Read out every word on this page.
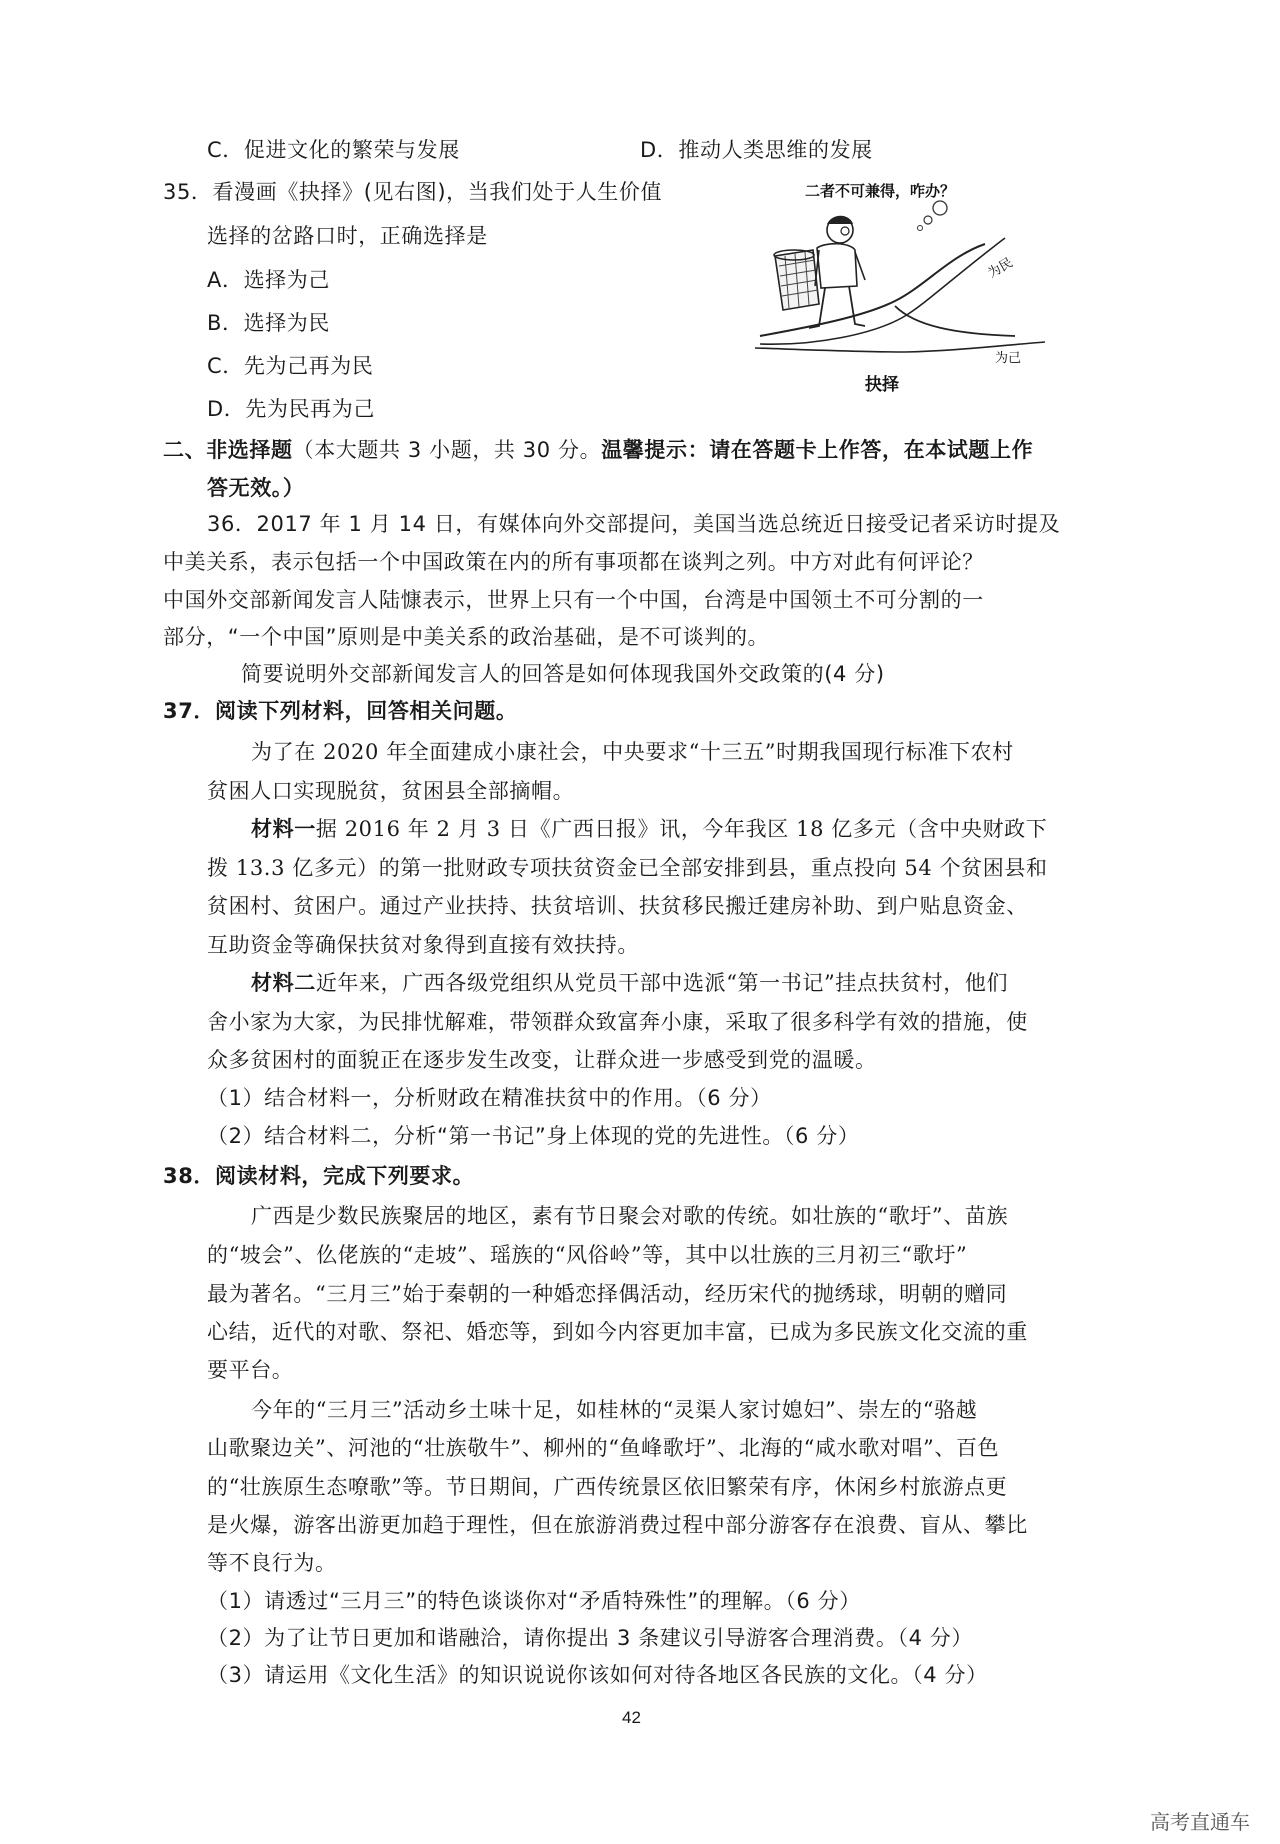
C．促进文化的繁荣与发展	D．推动人类思维的发展
35．看漫画《抉择》(见右图)，当我们处于人生价值
选择的岔路口时，正确选择是
A．选择为己
B．选择为民
C．先为己再为民
D．先为民再为己
二者不可兼得，咋办？
为民
为己
抉择
二、非选择题（本大题共 3 小题，共 30 分。温馨提示：请在答题卡上作答，在本试题上作
答无效。）
36．2017 年 1 月 14 日，有媒体向外交部提问，美国当选总统近日接受记者采访时提及
中美关系，表示包括一个中国政策在内的所有事项都在谈判之列。中方对此有何评论？
中国外交部新闻发言人陆慷表示，世界上只有一个中国，台湾是中国领土不可分割的一
部分，“一个中国”原则是中美关系的政治基础，是不可谈判的。
简要说明外交部新闻发言人的回答是如何体现我国外交政策的(4 分)
37．阅读下列材料，回答相关问题。
为了在 2020 年全面建成小康社会，中央要求“十三五”时期我国现行标准下农村
贫困人口实现脱贫，贫困县全部摘帽。
材料一据 2016 年 2 月 3 日《广西日报》讯，今年我区 18 亿多元（含中央财政下
拨 13.3 亿多元）的第一批财政专项扶贫资金已全部安排到县，重点投向 54 个贫困县和
贫困村、贫困户。通过产业扶持、扶贫培训、扶贫移民搬迁建房补助、到户贴息资金、
互助资金等确保扶贫对象得到直接有效扶持。
材料二近年来，广西各级党组织从党员干部中选派“第一书记”挂点扶贫村，他们
舍小家为大家，为民排忧解难，带领群众致富奔小康，采取了很多科学有效的措施，使
众多贫困村的面貌正在逐步发生改变，让群众进一步感受到党的温暖。
（1）结合材料一，分析财政在精准扶贫中的作用。（6 分）
（2）结合材料二，分析“第一书记”身上体现的党的先进性。（6 分）
38．阅读材料，完成下列要求。
广西是少数民族聚居的地区，素有节日聚会对歌的传统。如壮族的“歌圩”、苗族
的“坡会”、仫佬族的“走坡”、瑶族的“风俗岭”等，其中以壮族的三月初三“歌圩”
最为著名。“三月三”始于秦朝的一种婚恋择偶活动，经历宋代的抛绣球，明朝的赠同
心结，近代的对歌、祭祀、婚恋等，到如今内容更加丰富，已成为多民族文化交流的重
要平台。
今年的“三月三”活动乡土味十足，如桂林的“灵渠人家讨媳妇”、崇左的“骆越
山歌聚边关”、河池的“壮族敬牛”、柳州的“鱼峰歌圩”、北海的“咸水歌对唱”、百色
的“壮族原生态嘹歌”等。节日期间，广西传统景区依旧繁荣有序，休闲乡村旅游点更
是火爆，游客出游更加趋于理性，但在旅游消费过程中部分游客存在浪费、盲从、攀比
等不良行为。
（1）请透过“三月三”的特色谈谈你对“矛盾特殊性”的理解。（6 分）
（2）为了让节日更加和谐融洽，请你提出 3 条建议引导游客合理消费。（4 分）
（3）请运用《文化生活》的知识说说你该如何对待各地区各民族的文化。（4 分）
42
高考直通车
